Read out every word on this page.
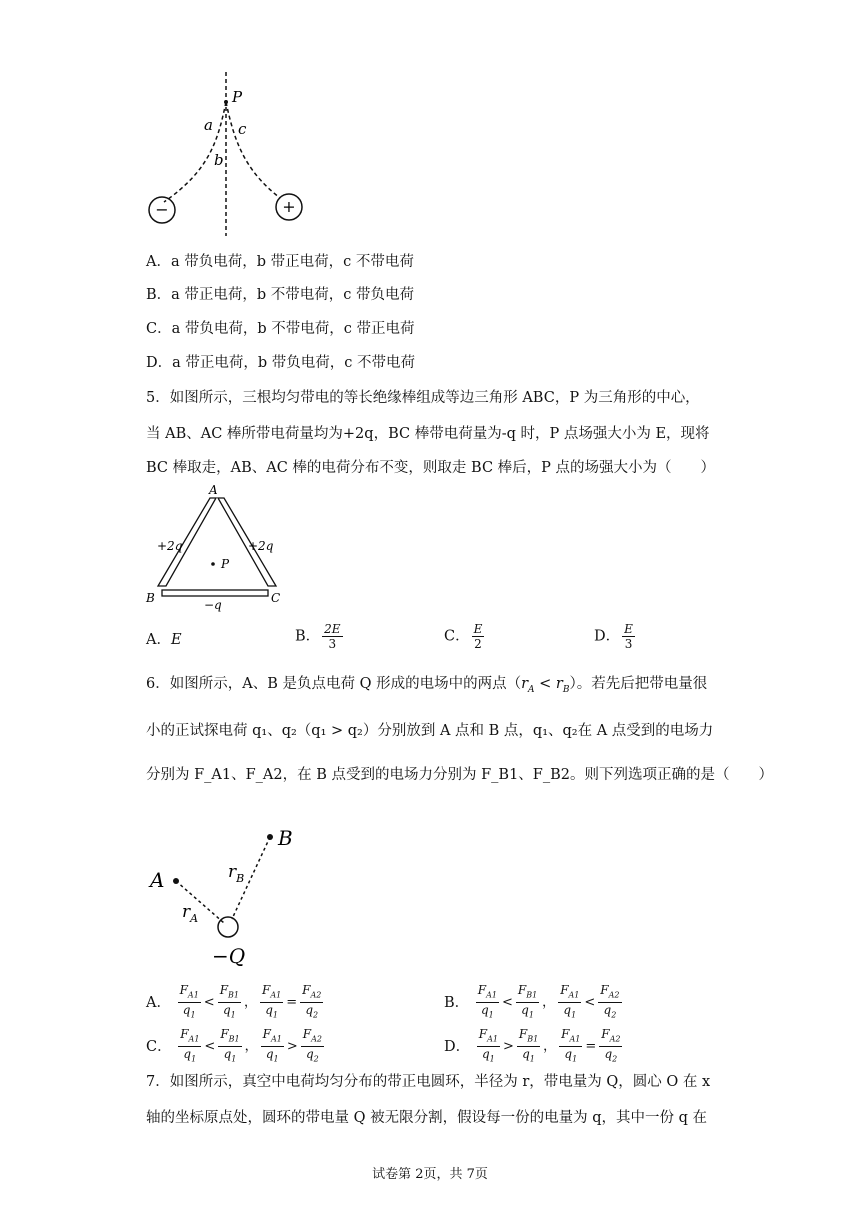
P
a c
b
−	+
A．a 带负电荷，b 带正电荷，c 不带电荷
B．a 带正电荷，b 不带电荷，c 带负电荷
C．a 带负电荷，b 不带电荷，c 带正电荷
D．a 带正电荷，b 带负电荷，c 不带电荷
5．如图所示，三根均匀带电的等长绝缘棒组成等边三角形 ABC，P 为三角形的中心，
当 AB、AC 棒所带电荷量均为+2q，BC 棒带电荷量为-q 时，P 点场强大小为 E，现将
BC 棒取走，AB、AC 棒的电荷分布不变，则取走 BC 棒后，P 点的场强大小为（　　）
A
B	C
P
+2q	+2q
−q
A．E	B． $\frac{2E}{3}$	C． $\frac{E}{2}$	D． $\frac{E}{3}$
6．如图所示，A、B 是负点电荷 Q 形成的电场中的两点$(r_A < r_B)$。若先后把带电量很
小的正试探电荷 q₁、q₂（q₁ > q₂）分别放到 A 点和 B 点，q₁、q₂在 A 点受到的电场力
分别为 F_A1、F_A2，在 B 点受到的电场力分别为 F_B1、F_B2。则下列选项正确的是（　　）
A
B
$r_A$
$r_B$
−Q
A． $\frac{F_{A1}}{q_1} < \frac{F_{B1}}{q_1}$ ， $\frac{F_{A1}}{q_1} = \frac{F_{A2}}{q_2}$	B． $\frac{F_{A1}}{q_1} < \frac{F_{B1}}{q_1}$ ， $\frac{F_{A1}}{q_1} < \frac{F_{A2}}{q_2}$
C． $\frac{F_{A1}}{q_1} < \frac{F_{B1}}{q_1}$ ， $\frac{F_{A1}}{q_1} > \frac{F_{A2}}{q_2}$	D． $\frac{F_{A1}}{q_1} > \frac{F_{B1}}{q_1}$ ， $\frac{F_{A1}}{q_1} = \frac{F_{A2}}{q_2}$
7．如图所示，真空中电荷均匀分布的带正电圆环，半径为 r，带电量为 Q，圆心 O 在 x
轴的坐标原点处，圆环的带电量 Q 被无限分割，假设每一份的电量为 q，其中一份 q 在
试卷第 2页，共 7页
